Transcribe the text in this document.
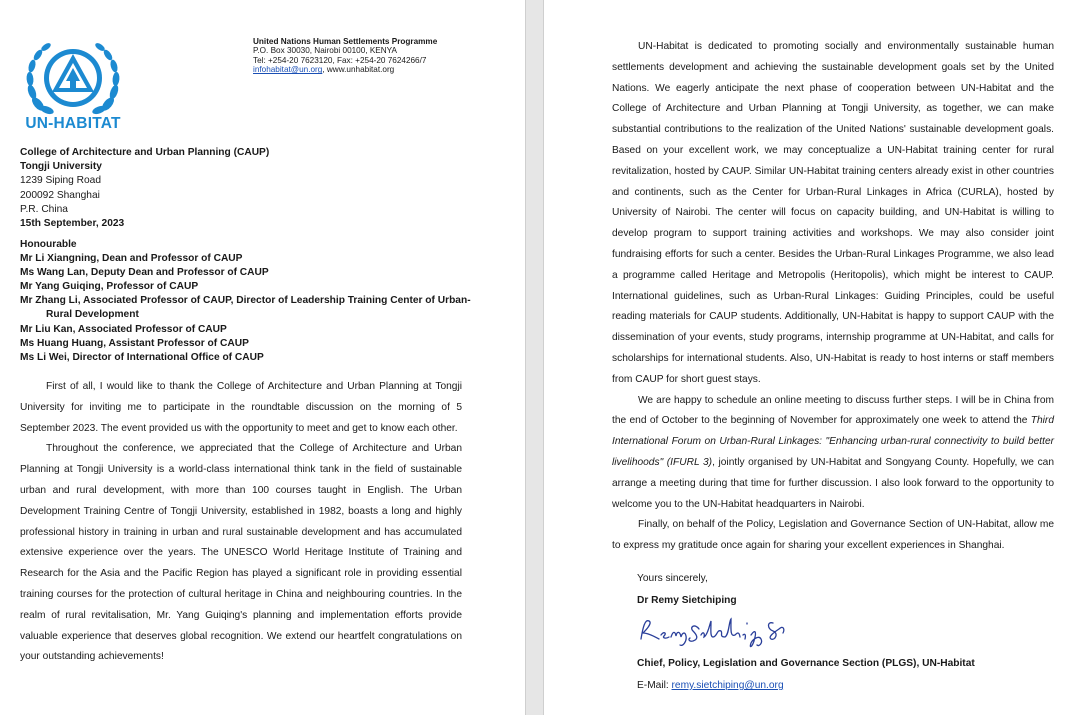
UN-HABITAT
United Nations Human Settlements Programme
P.O. Box 30030, Nairobi 00100, KENYA
Tel: +254-20 7623120, Fax: +254-20 7624266/7
infohabitat@un.org, www.unhabitat.org
College of Architecture and Urban Planning (CAUP)
Tongji University
1239 Siping Road
200092 Shanghai
P.R. China
15th September, 2023
Honourable
Mr Li Xiangning, Dean and Professor of CAUP
Ms Wang Lan, Deputy Dean and Professor of CAUP
Mr Yang Guiqing, Professor of CAUP
Mr Zhang Li, Associated Professor of CAUP, Director of Leadership Training Center of Urban-
Rural Development
Mr Liu Kan, Associated Professor of CAUP
Ms Huang Huang, Assistant Professor of CAUP
Ms Li Wei, Director of International Office of CAUP

First of all, I would like to thank the College of Architecture and Urban Planning at Tongji University for inviting me to participate in the roundtable discussion on the morning of 5 September 2023. The event provided us with the opportunity to meet and get to know each other.

Throughout the conference, we appreciated that the College of Architecture and Urban Planning at Tongji University is a world-class international think tank in the field of sustainable urban and rural development, with more than 100 courses taught in English. The Urban Development Training Centre of Tongji University, established in 1982, boasts a long and highly professional history in training in urban and rural sustainable development and has accumulated extensive experience over the years. The UNESCO World Heritage Institute of Training and Research for the Asia and the Pacific Region has played a significant role in providing essential training courses for the protection of cultural heritage in China and neighbouring countries. In the realm of rural revitalisation, Mr. Yang Guiqing's planning and implementation efforts provide valuable experience that deserves global recognition. We extend our heartfelt congratulations on your outstanding achievements!

UN-Habitat is dedicated to promoting socially and environmentally sustainable human settlements development and achieving the sustainable development goals set by the United Nations. We eagerly anticipate the next phase of cooperation between UN-Habitat and the College of Architecture and Urban Planning at Tongji University, as together, we can make substantial contributions to the realization of the United Nations' sustainable development goals. Based on your excellent work, we may conceptualize a UN-Habitat training center for rural revitalization, hosted by CAUP. Similar UN-Habitat training centers already exist in other countries and continents, such as the Center for Urban-Rural Linkages in Africa (CURLA), hosted by University of Nairobi. The center will focus on capacity building, and UN-Habitat is willing to develop program to support training activities and workshops. We may also consider joint fundraising efforts for such a center. Besides the Urban-Rural Linkages Programme, we also lead a programme called Heritage and Metropolis (Heritopolis), which might be interest to CAUP. International guidelines, such as Urban-Rural Linkages: Guiding Principles, could be useful reading materials for CAUP students. Additionally, UN-Habitat is happy to support CAUP with the dissemination of your events, study programs, internship programme at UN-Habitat, and calls for scholarships for international students. Also, UN-Habitat is ready to host interns or staff members from CAUP for short guest stays.

We are happy to schedule an online meeting to discuss further steps. I will be in China from the end of October to the beginning of November for approximately one week to attend the Third International Forum on Urban-Rural Linkages: "Enhancing urban-rural connectivity to build better livelihoods" (IFURL 3), jointly organised by UN-Habitat and Songyang County. Hopefully, we can arrange a meeting during that time for further discussion. I also look forward to the opportunity to welcome you to the UN-Habitat headquarters in Nairobi.

Finally, on behalf of the Policy, Legislation and Governance Section of UN-Habitat, allow me to express my gratitude once again for sharing your excellent experiences in Shanghai.

Yours sincerely,
Dr Remy Sietchiping
Remy Sietchiping
Chief, Policy, Legislation and Governance Section (PLGS), UN-Habitat
E-Mail: remy.sietchiping@un.org
